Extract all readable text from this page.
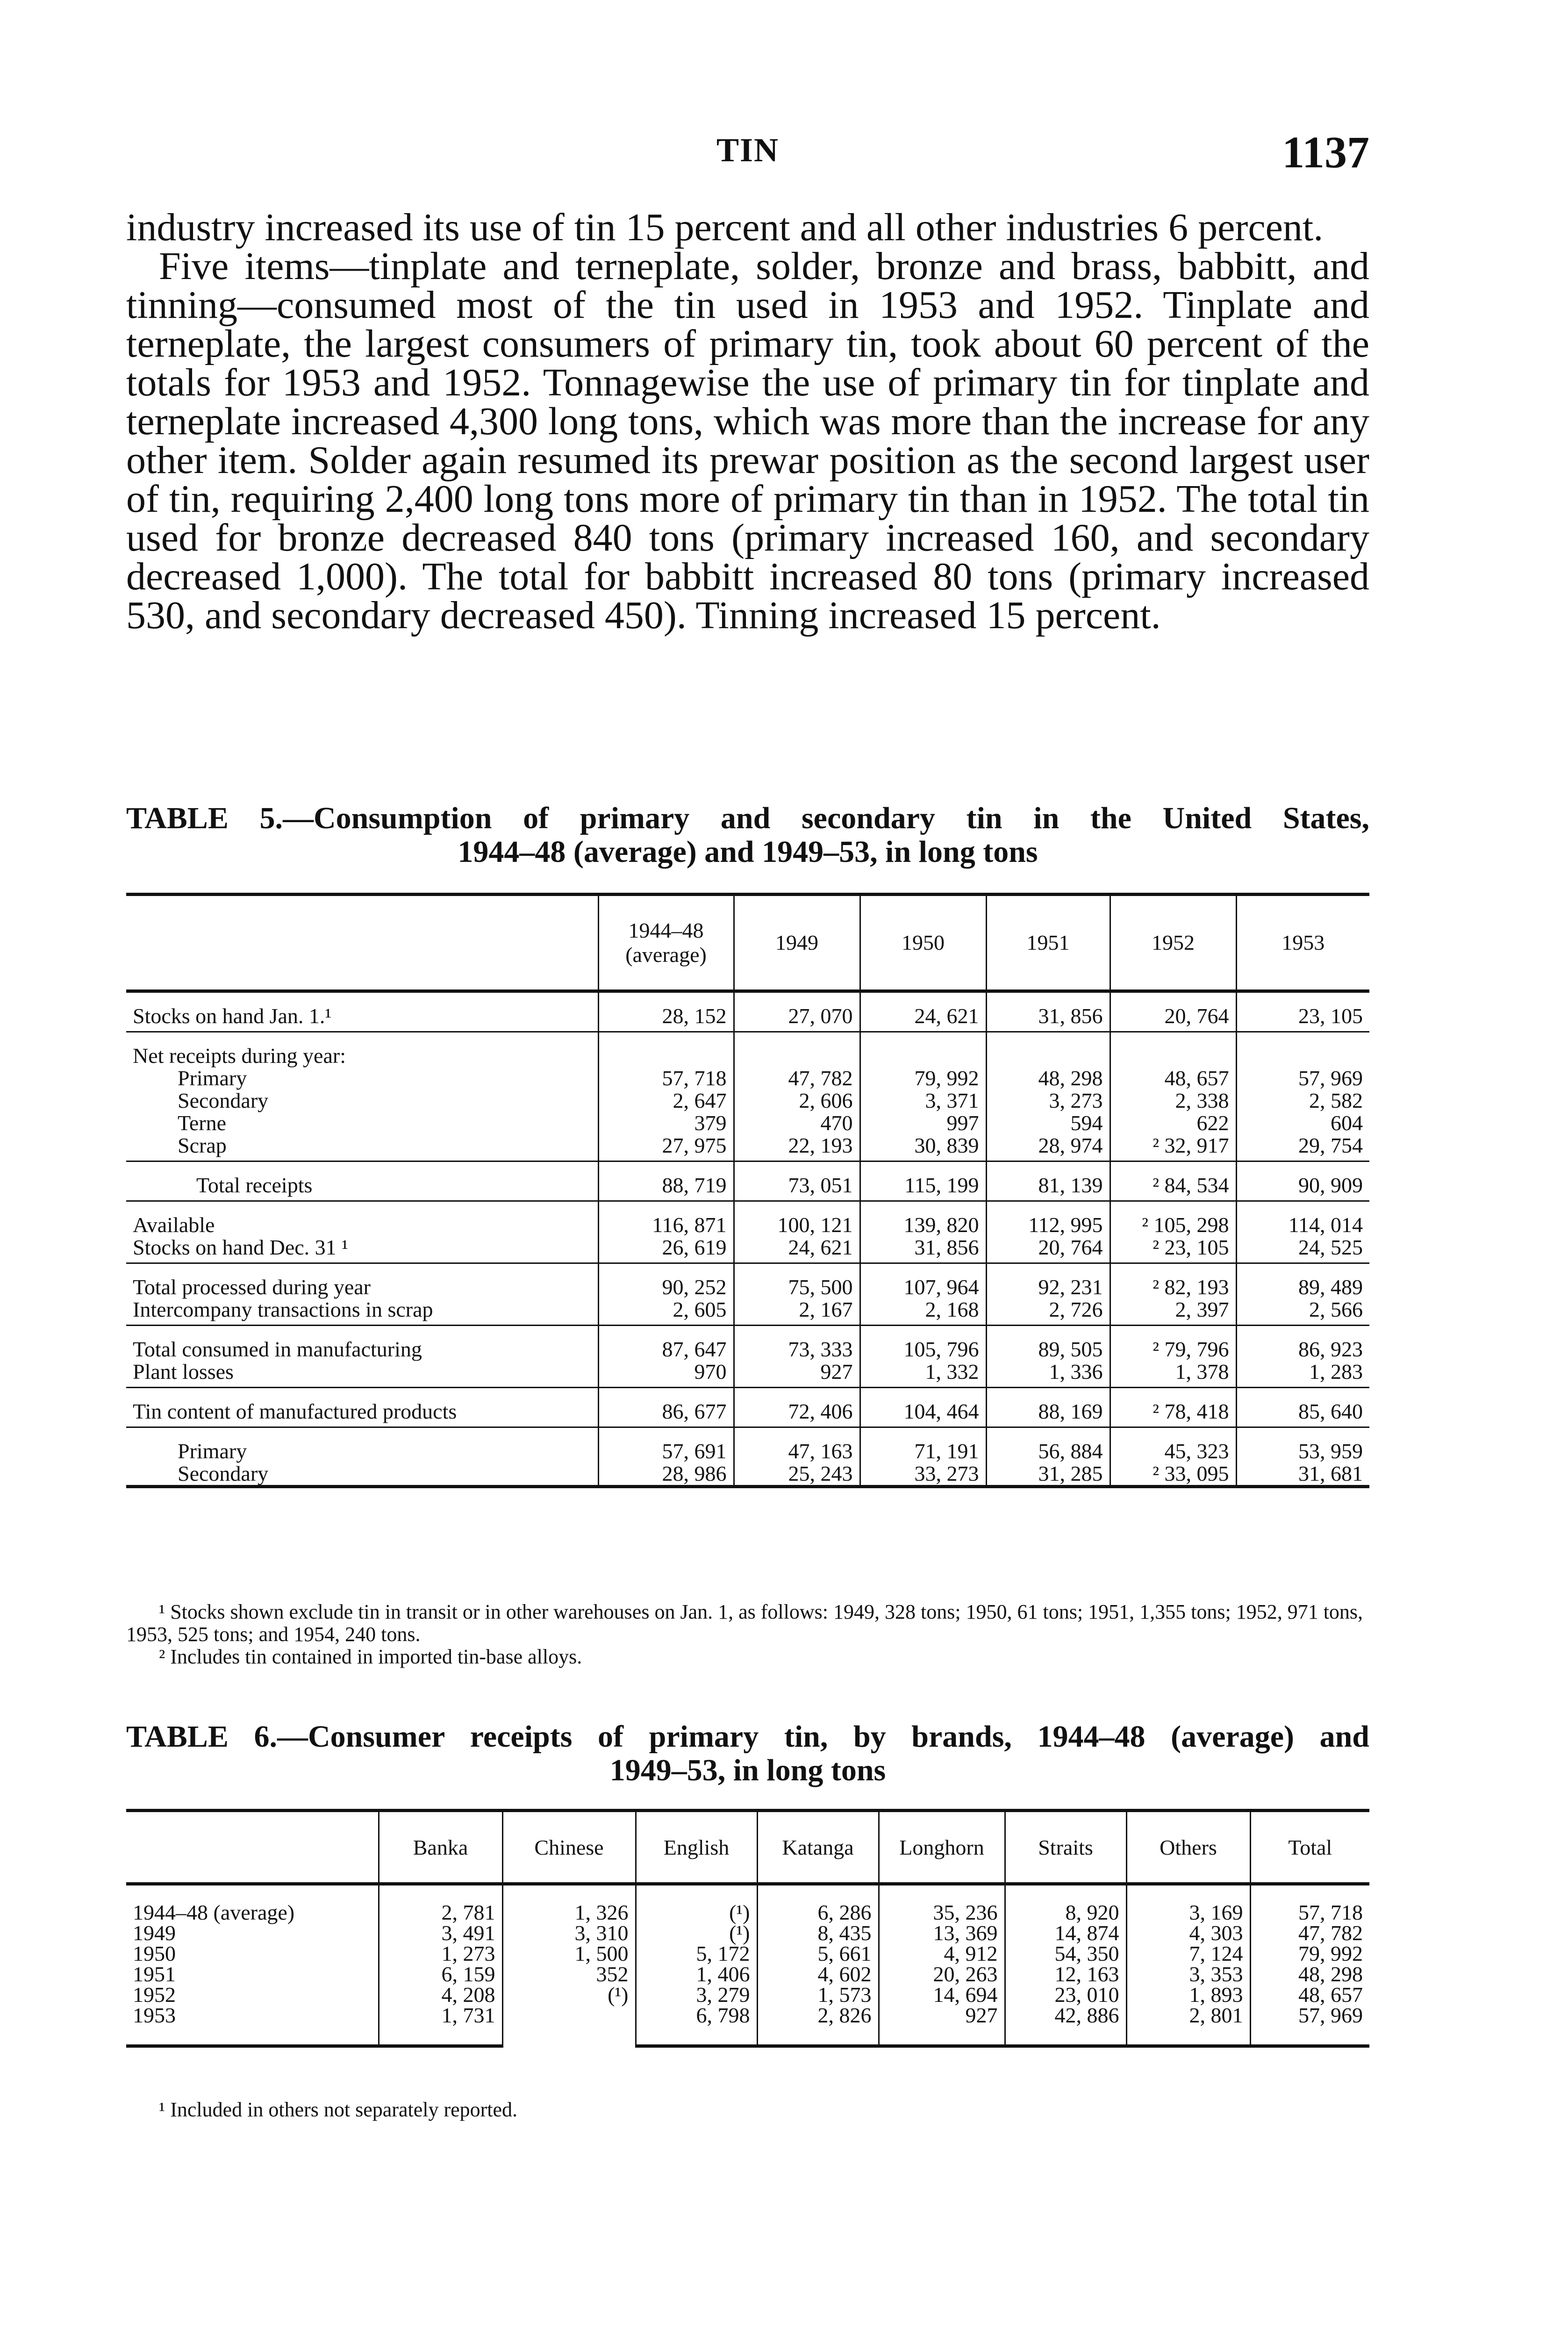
TIN	1137

industry increased its use of tin 15 percent and all other industries 6 percent.

Five items—tinplate and terneplate, solder, bronze and brass, babbitt, and tinning—consumed most of the tin used in 1953 and 1952. Tinplate and terneplate, the largest consumers of primary tin, took about 60 percent of the totals for 1953 and 1952. Tonnagewise the use of primary tin for tinplate and terneplate increased 4,300 long tons, which was more than the increase for any other item. Solder again resumed its prewar position as the second largest user of tin, requiring 2,400 long tons more of primary tin than in 1952. The total tin used for bronze decreased 840 tons (primary increased 160, and secondary decreased 1,000). The total for babbitt increased 80 tons (primary increased 530, and secondary decreased 450). Tinning increased 15 percent.

TABLE 5.—Consumption of primary and secondary tin in the United States,
1944–48 (average) and 1949–53, in long tons
	1944–48 (average)	1949	1950	1951	1952	1953
Stocks on hand Jan. 1.¹	28, 152	27, 070	24, 621	31, 856	20, 764	23, 105
Net receipts during year:						
Primary	57, 718	47, 782	79, 992	48, 298	48, 657	57, 969
Secondary	2, 647	2, 606	3, 371	3, 273	2, 338	2, 582
Terne	379	470	997	594	622	604
Scrap	27, 975	22, 193	30, 839	28, 974	² 32, 917	29, 754
Total receipts	88, 719	73, 051	115, 199	81, 139	² 84, 534	90, 909
Available	116, 871	100, 121	139, 820	112, 995	² 105, 298	114, 014
Stocks on hand Dec. 31 ¹	26, 619	24, 621	31, 856	20, 764	² 23, 105	24, 525
Total processed during year	90, 252	75, 500	107, 964	92, 231	² 82, 193	89, 489
Intercompany transactions in scrap	2, 605	2, 167	2, 168	2, 726	2, 397	2, 566
Total consumed in manufacturing	87, 647	73, 333	105, 796	89, 505	² 79, 796	86, 923
Plant losses	970	927	1, 332	1, 336	1, 378	1, 283
Tin content of manufactured products	86, 677	72, 406	104, 464	88, 169	² 78, 418	85, 640
Primary	57, 691	47, 163	71, 191	56, 884	45, 323	53, 959
Secondary	28, 986	25, 243	33, 273	31, 285	² 33, 095	31, 681

¹ Stocks shown exclude tin in transit or in other warehouses on Jan. 1, as follows: 1949, 328 tons; 1950, 61 tons; 1951, 1,355 tons; 1952, 971 tons, 1953, 525 tons; and 1954, 240 tons.

² Includes tin contained in imported tin-base alloys.

TABLE 6.—Consumer receipts of primary tin, by brands, 1944–48 (average) and
1949–53, in long tons
	Banka	Chinese	English	Katanga	Longhorn	Straits	Others	Total
1944–48 (average)	2, 781	1, 326	(¹)	6, 286	35, 236	8, 920	3, 169	57, 718
1949	3, 491	3, 310	(¹)	8, 435	13, 369	14, 874	4, 303	47, 782
1950	1, 273	1, 500	5, 172	5, 661	4, 912	54, 350	7, 124	79, 992
1951	6, 159	352	1, 406	4, 602	20, 263	12, 163	3, 353	48, 298
1952	4, 208	(¹)	3, 279	1, 573	14, 694	23, 010	1, 893	48, 657
1953	1, 731		6, 798	2, 826	927	42, 886	2, 801	57, 969

¹ Included in others not separately reported.
